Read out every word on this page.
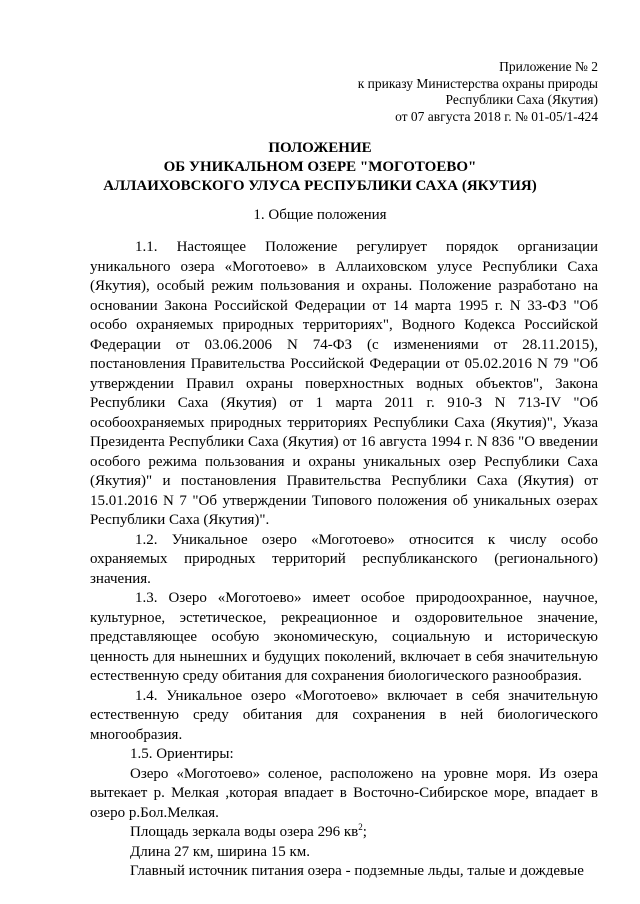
Приложение № 2
к приказу Министерства охраны природы
Республики Саха (Якутия)
от 07 августа 2018 г. № 01-05/1-424
ПОЛОЖЕНИЕ
ОБ УНИКАЛЬНОМ ОЗЕРЕ "МОГОТОЕВО"
АЛЛАИХОВСКОГО УЛУСА РЕСПУБЛИКИ САХА (ЯКУТИЯ)
1. Общие положения

1.1. Настоящее Положение регулирует порядок организации уникального озера «Моготоево» в Аллаиховском улусе Республики Саха (Якутия), особый режим пользования и охраны. Положение разработано на основании Закона Российской Федерации от 14 марта 1995 г. N 33-ФЗ "Об особо охраняемых природных территориях", Водного Кодекса Российской Федерации от 03.06.2006 N 74-ФЗ (с изменениями от 28.11.2015), постановления Правительства Российской Федерации от 05.02.2016 N 79 "Об утверждении Правил охраны поверхностных водных объектов", Закона Республики Саха (Якутия) от 1 марта 2011 г. 910-З N 713-IV "Об особоохраняемых природных территориях Республики Саха (Якутия)", Указа Президента Республики Саха (Якутия) от 16 августа 1994 г. N 836 "О введении особого режима пользования и охраны уникальных озер Республики Саха (Якутия)" и постановления Правительства Республики Саха (Якутия) от 15.01.2016 N 7 "Об утверждении Типового положения об уникальных озерах Республики Саха (Якутия)".

1.2. Уникальное озеро «Моготоево» относится к числу особо охраняемых природных территорий республиканского (регионального) значения.

1.3. Озеро «Моготоево» имеет особое природоохранное, научное, культурное, эстетическое, рекреационное и оздоровительное значение, представляющее особую экономическую, социальную и историческую ценность для нынешних и будущих поколений, включает в себя значительную естественную среду обитания для сохранения биологического разнообразия.

1.4. Уникальное озеро «Моготоево» включает в себя значительную естественную среду обитания для сохранения в ней биологического многообразия.

1.5. Ориентиры:

Озеро «Моготоево» соленое, расположено на уровне моря. Из озера вытекает р. Мелкая ,которая впадает в Восточно-Сибирское море, впадает в озеро р.Бол.Мелкая.

Площадь зеркала воды озера 296 $кв^2$;

Длина 27 км, ширина 15 км.

Главный источник питания озера - подземные льды, талые и дождевые
